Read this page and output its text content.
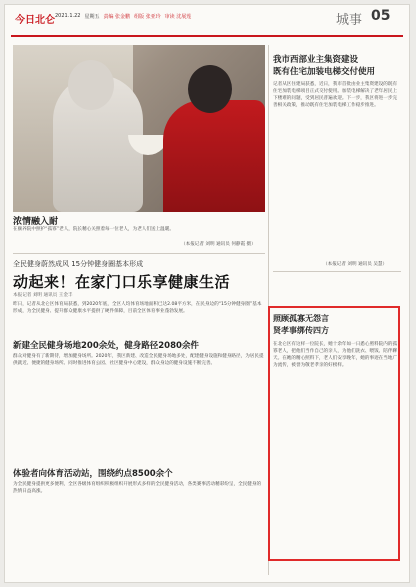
今日北仑 2021.1.22 星期五 责编 张金鹏 组版 张亚玲 审读 沈展莲	城事 05
浓情融入耐
在颐养院中照护“孤寡”老人，院长精心关照着每一位老人，为老人们送上温暖。
（本报记者 刘明 通讯员 何静霞 摄）
全民健身蔚然成风 15分钟健身圈基本形成
动起来！在家门口乐享健康生活
本报记者 刘明 通讯员 王金丰
昨日，记者从北仑区体育局获悉，到2020年底，全区人均体育场地面积已达2.08平方米，在民身边的“15分钟健身圈”基本形成，为全民健身、提升群众健康水平提供了硬件保障，目前全区体育事业蓬勃发展。
新建全民健身场地200余处，健身路径2080余件
群众对健身有了新期待，增加健身场所。2020年，我区新建、改造全民健身场地多处，配建健身设施和健身路径，为居民提供就近、便捷的健身场所。同时推进体育公园、社区健身中心建设，群众身边的健身设施不断完善。
体验者向体育活动站，围绕约点8500余个
为全民健身提供更多便利，全区各级体育组织积极组织开展形式多样的全民健身活动，各类赛事活动精彩纷呈，全民健身的热情日益高涨。
我市西部业主集资建设
既有住宅加装电梯交付使用
记者从区住建局获悉，近日，我市首批由业主集资建设的既有住宅加装电梯项目正式交付使用。加装电梯解决了老年居民上下楼难的问题，受到居民普遍欢迎。下一步，我区将进一步完善相关政策，推动既有住宅加装电梯工作稳步推进。
（本报记者 刘明 通讯员 吴慧）
照顾孤寡无怨言
贤孝事绑传四方
在北仑区有这样一位院长，她十余年如一日悉心照料院内的孤寡老人，把他们当作自己的亲人，为他们洗衣、喂饭、陪伴聊天。在她的精心照料下，老人们安享晚年，她的事迹在当地广为流传，被誉为敬老孝亲的好榜样。
